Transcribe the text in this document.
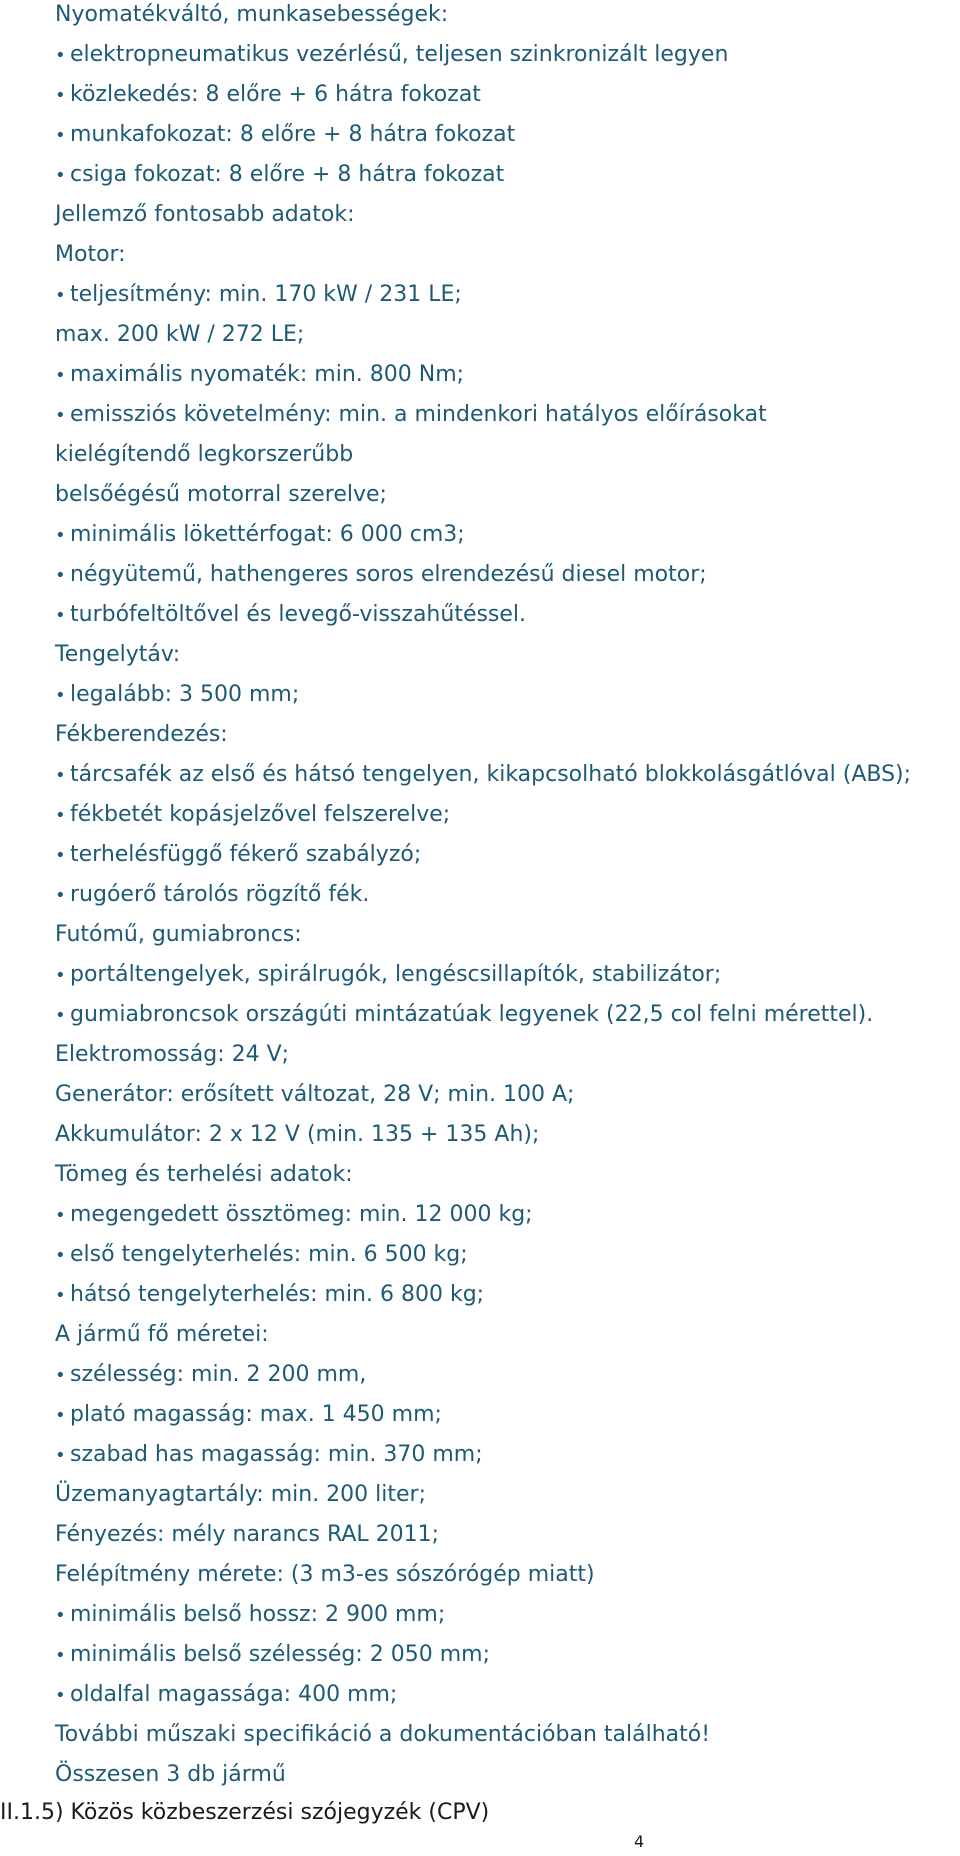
Nyomatékváltó, munkasebességek:
• elektropneumatikus vezérlésű, teljesen szinkronizált legyen
• közlekedés: 8 előre + 6 hátra fokozat
• munkafokozat: 8 előre + 8 hátra fokozat
• csiga fokozat: 8 előre + 8 hátra fokozat
Jellemző fontosabb adatok:
Motor:
• teljesítmény: min. 170 kW / 231 LE;
max. 200 kW / 272 LE;
• maximális nyomaték: min. 800 Nm;
• emissziós követelmény: min. a mindenkori hatályos előírásokat
kielégítendő legkorszerűbb
belsőégésű motorral szerelve;
• minimális lökettérfogat: 6 000 cm3;
• négyütemű, hathengeres soros elrendezésű diesel motor;
• turbófeltöltővel és levegő-visszahűtéssel.
Tengelytáv:
• legalább: 3 500 mm;
Fékberendezés:
• tárcsafék az első és hátsó tengelyen, kikapcsolható blokkolásgátlóval (ABS);
• fékbetét kopásjelzővel felszerelve;
• terhelésfüggő fékerő szabályzó;
• rugóerő tárolós rögzítő fék.
Futómű, gumiabroncs:
• portáltengelyek, spirálrugók, lengéscsillapítók, stabilizátor;
• gumiabroncsok országúti mintázatúak legyenek (22,5 col felni mérettel).
Elektromosság: 24 V;
Generátor: erősített változat, 28 V; min. 100 A;
Akkumulátor: 2 x 12 V (min. 135 + 135 Ah);
Tömeg és terhelési adatok:
• megengedett össztömeg: min. 12 000 kg;
• első tengelyterhelés: min. 6 500 kg;
• hátsó tengelyterhelés: min. 6 800 kg;
A jármű fő méretei:
• szélesség: min. 2 200 mm,
• plató magasság: max. 1 450 mm;
• szabad has magasság: min. 370 mm;
Üzemanyagtartály: min. 200 liter;
Fényezés: mély narancs RAL 2011;
Felépítmény mérete: (3 m3-es sószórógép miatt)
• minimális belső hossz: 2 900 mm;
• minimális belső szélesség: 2 050 mm;
• oldalfal magassága: 400 mm;
További műszaki specifikáció a dokumentációban található!
Összesen 3 db jármű
II.1.5) Közös közbeszerzési szójegyzék (CPV)
4
